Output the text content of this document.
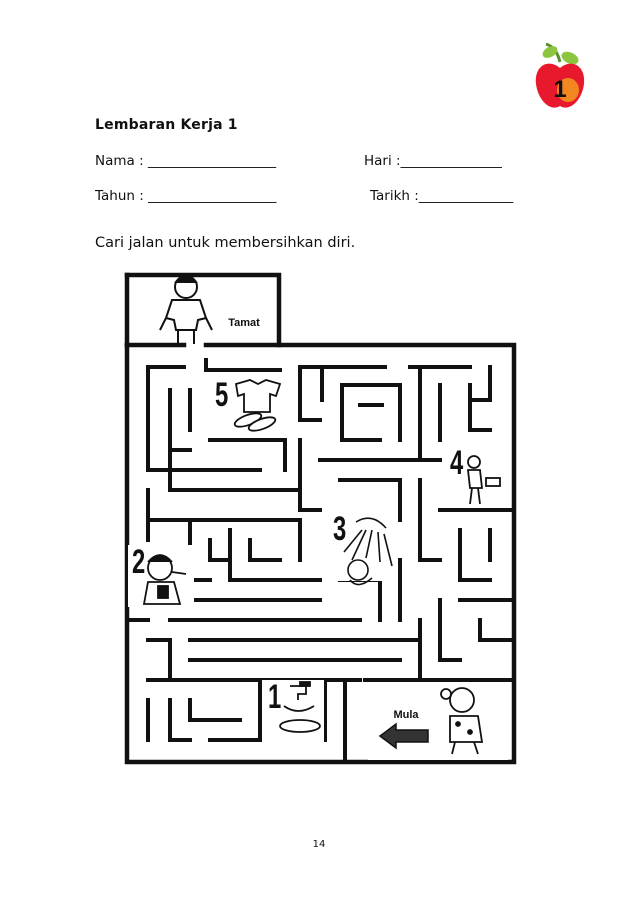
1
Lembaran Kerja 1
Nama : ___________________	Hari :_______________
Tahun : ___________________	Tarikh :______________
Cari jalan untuk membersihkan diri.
Tamat
Mula
1
2
3
4
5
14
